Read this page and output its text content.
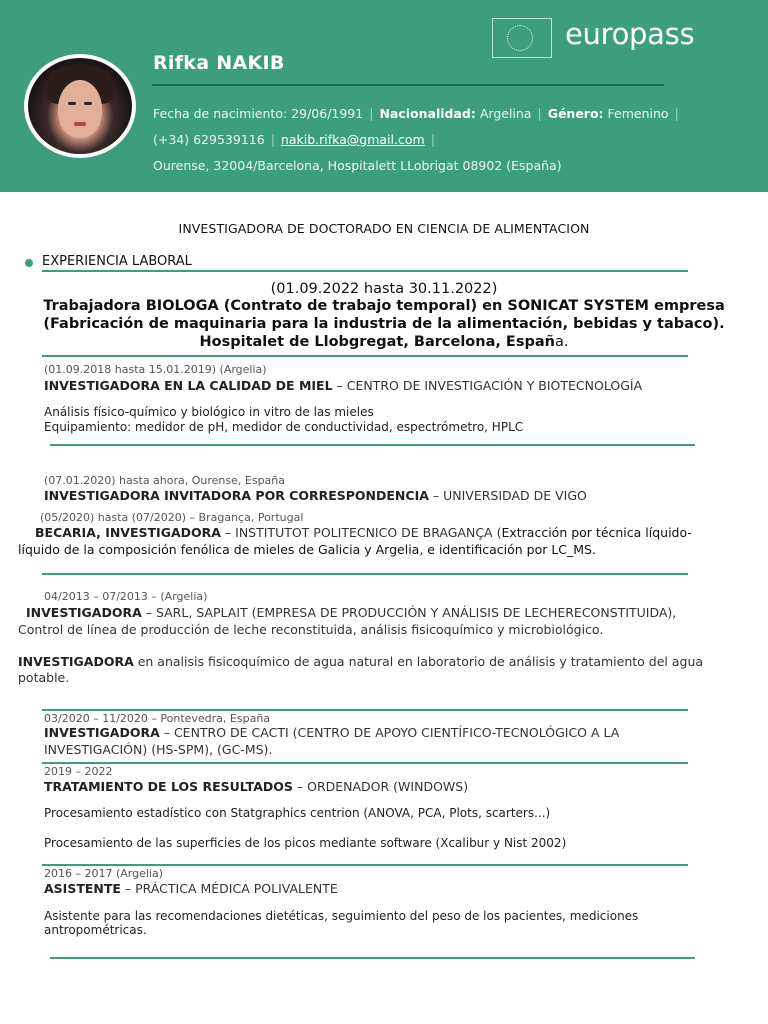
Rifka NAKIB
europass
Fecha de nacimiento: 29/06/1991 | Nacionalidad: Argelina | Género: Femenino |
(+34) 629539116 | nakib.rifka@gmail.com |
Ourense, 32004/Barcelona, Hospitalett LLobrigat 08902 (España)
INVESTIGADORA DE DOCTORADO EN CIENCIA DE ALIMENTACION
EXPERIENCIA LABORAL
(01.09.2022 hasta 30.11.2022)
Trabajadora BIOLOGA (Contrato de trabajo temporal) en SONICAT SYSTEM empresa
(Fabricación de maquinaria para la industria de la alimentación, bebidas y tabaco).
Hospitalet de Llobgregat, Barcelona, España.
(01.09.2018 hasta 15.01.2019) (Argelia)
INVESTIGADORA EN LA CALIDAD DE MIEL – CENTRO DE INVESTIGACIÓN Y BIOTECNOLOGÍA
Análisis físico-químico y biológico in vitro de las mieles
Equipamiento: medidor de pH, medidor de conductividad, espectrómetro, HPLC
(07.01.2020) hasta ahora, Ourense, España
INVESTIGADORA INVITADORA POR CORRESPONDENCIA – UNIVERSIDAD DE VIGO
(05/2020) hasta (07/2020) – Bragança, Portugal
BECARIA, INVESTIGADORA – INSTITUTOT POLITECNICO DE BRAGANÇA (Extracción por técnica líquido-
líquido de la composición fenólica de mieles de Galicia y Argelia, e identificación por LC_MS.
04/2013 – 07/2013 – (Argelia)
INVESTIGADORA – SARL, SAPLAIT (EMPRESA DE PRODUCCIÓN Y ANÁLISIS DE LECHERECONSTITUIDA),
Control de línea de producción de leche reconstituida, análisis fisicoquímico y microbiológico.
INVESTIGADORA en analisis fisicoquímico de agua natural en laboratorio de análisis y tratamiento del agua
potable.
03/2020 – 11/2020 – Pontevedra, España
INVESTIGADORA – CENTRO DE CACTI (CENTRO DE APOYO CIENTÍFICO-TECNOLÓGICO A LA
INVESTIGACIÓN) (HS-SPM), (GC-MS).
2019 – 2022
TRATAMIENTO DE LOS RESULTADOS – ORDENADOR (WINDOWS)
Procesamiento estadístico con Statgraphics centrion (ANOVA, PCA, Plots, scarters...)
Procesamiento de las superficies de los picos mediante software (Xcalibur y Nist 2002)
2016 – 2017 (Argelia)
ASISTENTE – PRÁCTICA MÉDICA POLIVALENTE
Asistente para las recomendaciones dietéticas, seguimiento del peso de los pacientes, mediciones
antropométricas.
